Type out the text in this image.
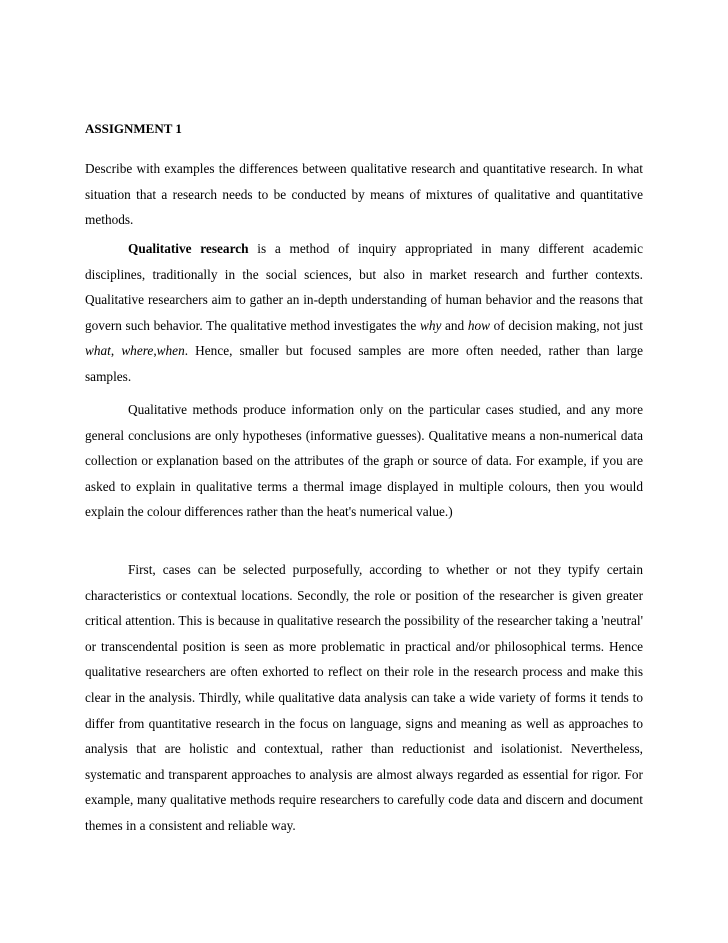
ASSIGNMENT 1

Describe with examples the differences between qualitative research and quantitative research. In what situation that a research needs to be conducted by means of mixtures of qualitative and quantitative methods.

Qualitative research is a method of inquiry appropriated in many different academic disciplines, traditionally in the social sciences, but also in market research and further contexts. Qualitative researchers aim to gather an in-depth understanding of human behavior and the reasons that govern such behavior. The qualitative method investigates the why and how of decision making, not just what, where,when. Hence, smaller but focused samples are more often needed, rather than large samples.

Qualitative methods produce information only on the particular cases studied, and any more general conclusions are only hypotheses (informative guesses). Qualitative means a non-numerical data collection or explanation based on the attributes of the graph or source of data. For example, if you are asked to explain in qualitative terms a thermal image displayed in multiple colours, then you would explain the colour differences rather than the heat's numerical value.)

First, cases can be selected purposefully, according to whether or not they typify certain characteristics or contextual locations. Secondly, the role or position of the researcher is given greater critical attention. This is because in qualitative research the possibility of the researcher taking a 'neutral' or transcendental position is seen as more problematic in practical and/or philosophical terms. Hence qualitative researchers are often exhorted to reflect on their role in the research process and make this clear in the analysis. Thirdly, while qualitative data analysis can take a wide variety of forms it tends to differ from quantitative research in the focus on language, signs and meaning as well as approaches to analysis that are holistic and contextual, rather than reductionist and isolationist. Nevertheless, systematic and transparent approaches to analysis are almost always regarded as essential for rigor. For example, many qualitative methods require researchers to carefully code data and discern and document themes in a consistent and reliable way.
